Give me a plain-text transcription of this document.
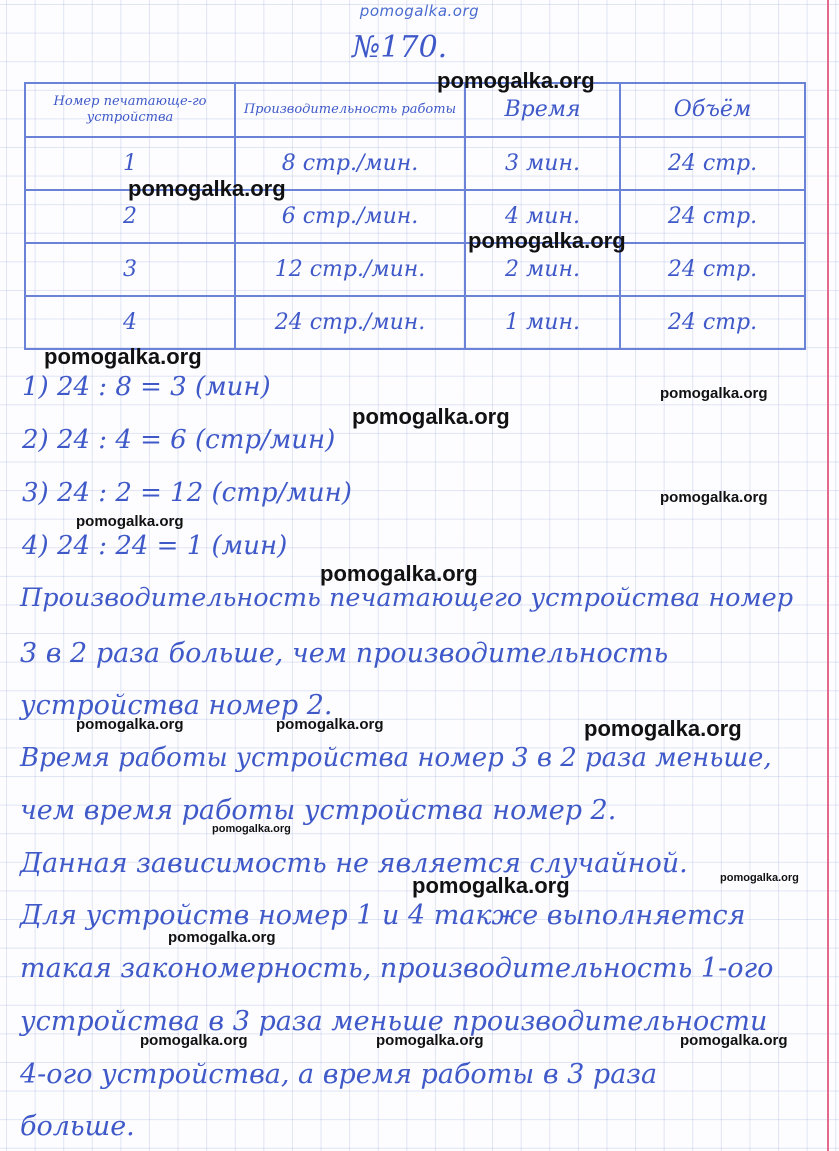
pomogalka.org
№170.
Номер печатающе-го устройства	Производительность работы	Время	Объём
1	8 стр./мин.	3 мин.	24 стр.
2	6 стр./мин.	4 мин.	24 стр.
3	12 стр./мин.	2 мин.	24 стр.
4	24 стр./мин.	1 мин.	24 стр.
1) 24 : 8 = 3 (мин)
2) 24 : 4 = 6 (стр/мин)
3) 24 : 2 = 12 (стр/мин)
4) 24 : 24 = 1 (мин)
Производительность печатающего устройства номер
3 в 2 раза больше, чем производительность
устройства номер 2.
Время работы устройства номер 3 в 2 раза меньше,
чем время работы устройства номер 2.
Данная зависимость не является случайной.
Для устройств номер 1 и 4 также выполняется
такая закономерность, производительность 1-ого
устройства в 3 раза меньше производительности
4-ого устройства, а время работы в 3 раза
больше.
pomogalka.org
pomogalka.org
pomogalka.org
pomogalka.org
pomogalka.org
pomogalka.org
pomogalka.org
pomogalka.org
pomogalka.org
pomogalka.org	pomogalka.org	pomogalka.org
pomogalka.org
pomogalka.org
pomogalka.org
pomogalka.org
pomogalka.org	pomogalka.org	pomogalka.org
